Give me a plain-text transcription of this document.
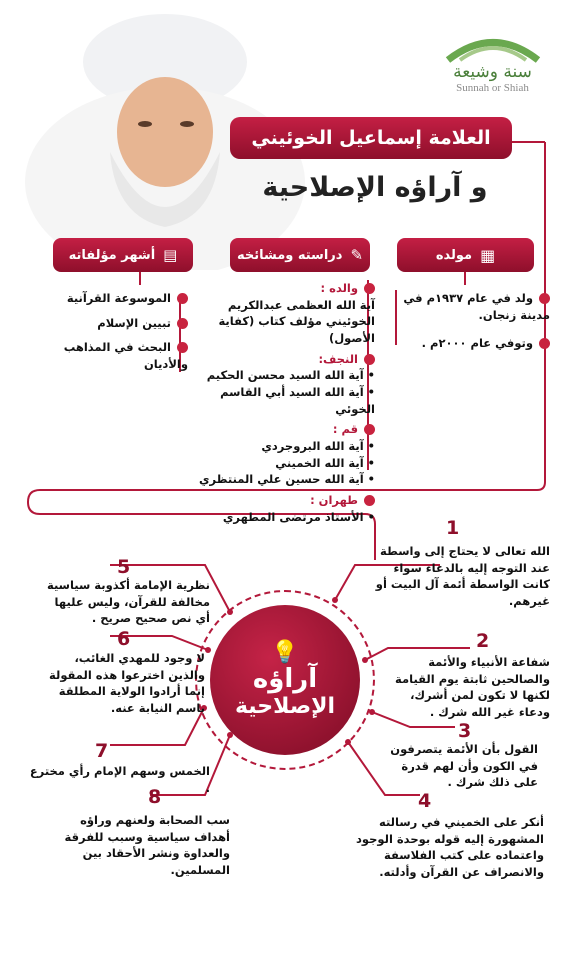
سنة وشيعة
Sunnah or Shiah
العلامة إسماعيل الخوئيني
و آراؤه الإصلاحية
▦
مولده
✎
دراسته ومشائخه
▤
أشهر مؤلفاته
ولد في عام ١٩٣٧م في مدينة زنجان.
وتوفي عام ٢٠٠٠م .
والده :
آية الله العظمى عبدالكريم الخوئيني مؤلف كتاب (كفاية الأصول)
النجف:
• آية الله السيد محسن الحكيم
• آية الله السيد أبي القاسم الخوئي
قم :
• آية الله البروجردي
• آية الله الخميني
• آية الله حسين علي المنتظري
طهران :
• الأستاذ مرتضى المطهري
الموسوعة القرآنية
تبيين الإسلام
البحث في المذاهب والأديان
💡
آراؤه
الإصلاحية
1
الله تعالى لا يحتاج إلى واسطة عند التوجه إليه بالدعاء سواء كانت الواسطة أئمة آل البيت أو غيرهم.
2
شفاعة الأنبياء والأئمة والصالحين ثابتة يوم القيامة لكنها لا تكون لمن أشرك، ودعاء غير الله شرك .
3
القول بأن الأئمة يتصرفون في الكون وأن لهم قدرة على ذلك شرك .
4
أنكر على الخميني في رسالته المشهورة إليه قوله بوحدة الوجود واعتماده على كتب الفلاسفة والانصراف عن القرآن وأدلته.
5
نظرية الإمامة أكذوبة سياسية مخالفة للقرآن، وليس عليها أي نص صحيح صريح .
6
لا وجود للمهدي الغائب، والذين اخترعوا هذه المقولة إنما أرادوا الولاية المطلقة باسم النيابة عنه.
7
الخمس وسهم الإمام رأي مخترع .
8
سب الصحابة ولعنهم وراؤه أهداف سياسية وسبب للفرقة والعداوة ونشر الأحقاد بين المسلمين.
